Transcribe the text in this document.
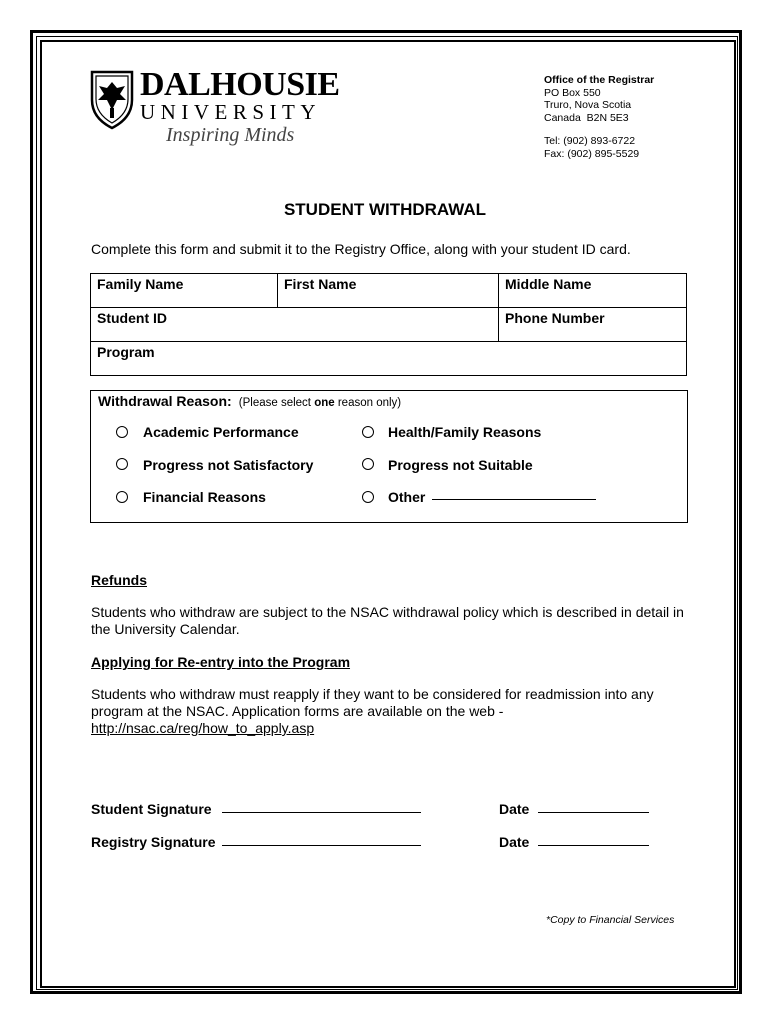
DALHOUSIE
UNIVERSITY
Inspiring Minds
Office of the Registrar
PO Box 550
Truro, Nova Scotia
Canada  B2N 5E3
Tel: (902) 893-6722
Fax: (902) 895-5529
STUDENT WITHDRAWAL
Complete this form and submit it to the Registry Office, along with your student ID card.
Family Name	First Name	Middle Name
Student ID		Phone Number
Program		
Withdrawal Reason: (Please select one reason only)
Academic Performance	Health/Family Reasons
Progress not Satisfactory	Progress not Suitable
Financial Reasons	Other
Refunds
Students who withdraw are subject to the NSAC withdrawal policy which is described in detail in the University Calendar.
Applying for Re-entry into the Program
Students who withdraw must reapply if they want to be considered for readmission into any program at the NSAC. Application forms are available on the web -
http://nsac.ca/reg/how_to_apply.asp
Student Signature	Date
Registry Signature	Date
*Copy to Financial Services
